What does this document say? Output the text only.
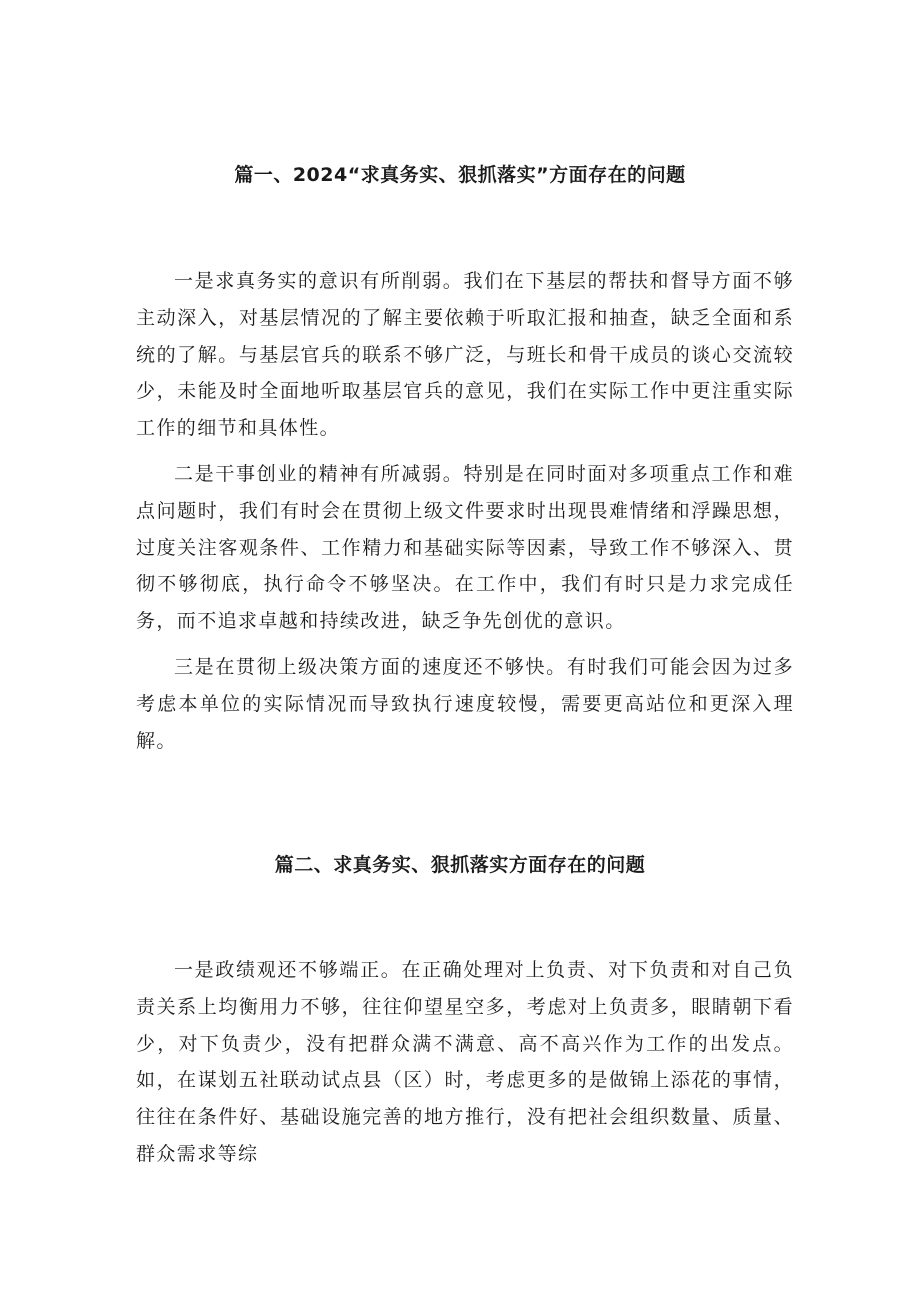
篇一、2024“求真务实、狠抓落实”方面存在的问题

一是求真务实的意识有所削弱。我们在下基层的帮扶和督导方面不够主动深入，对基层情况的了解主要依赖于听取汇报和抽查，缺乏全面和系统的了解。与基层官兵的联系不够广泛，与班长和骨干成员的谈心交流较少，未能及时全面地听取基层官兵的意见，我们在实际工作中更注重实际工作的细节和具体性。

二是干事创业的精神有所减弱。特别是在同时面对多项重点工作和难点问题时，我们有时会在贯彻上级文件要求时出现畏难情绪和浮躁思想，过度关注客观条件、工作精力和基础实际等因素，导致工作不够深入、贯彻不够彻底，执行命令不够坚决。在工作中，我们有时只是力求完成任务，而不追求卓越和持续改进，缺乏争先创优的意识。

三是在贯彻上级决策方面的速度还不够快。有时我们可能会因为过多考虑本单位的实际情况而导致执行速度较慢，需要更高站位和更深入理解。

篇二、求真务实、狠抓落实方面存在的问题

一是政绩观还不够端正。在正确处理对上负责、对下负责和对自己负责关系上均衡用力不够，往往仰望星空多，考虑对上负责多，眼睛朝下看少，对下负责少，没有把群众满不满意、高不高兴作为工作的出发点。如，在谋划五社联动试点县（区）时，考虑更多的是做锦上添花的事情，往往在条件好、基础设施完善的地方推行，没有把社会组织数量、质量、群众需求等综
